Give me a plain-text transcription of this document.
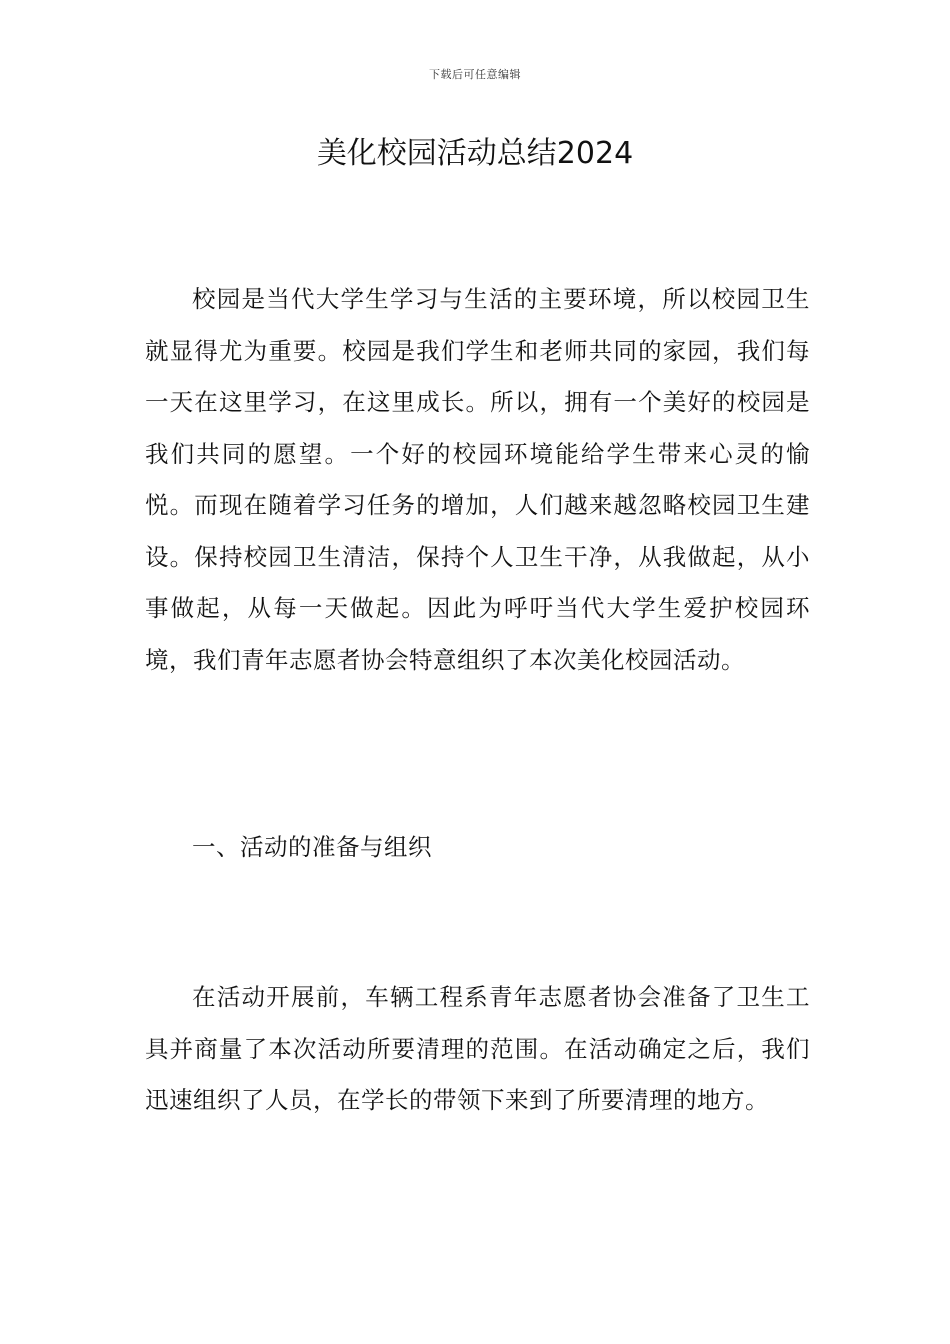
下载后可任意编辑
美化校园活动总结2024

校园是当代大学生学习与生活的主要环境，所以校园卫生就显得尤为重要。校园是我们学生和老师共同的家园，我们每一天在这里学习，在这里成长。所以，拥有一个美好的校园是我们共同的愿望。一个好的校园环境能给学生带来心灵的愉悦。而现在随着学习任务的增加，人们越来越忽略校园卫生建设。保持校园卫生清洁，保持个人卫生干净，从我做起，从小事做起，从每一天做起。因此为呼吁当代大学生爱护校园环境，我们青年志愿者协会特意组织了本次美化校园活动。

一、活动的准备与组织

在活动开展前，车辆工程系青年志愿者协会准备了卫生工具并商量了本次活动所要清理的范围。在活动确定之后，我们迅速组织了人员，在学长的带领下来到了所要清理的地方。
